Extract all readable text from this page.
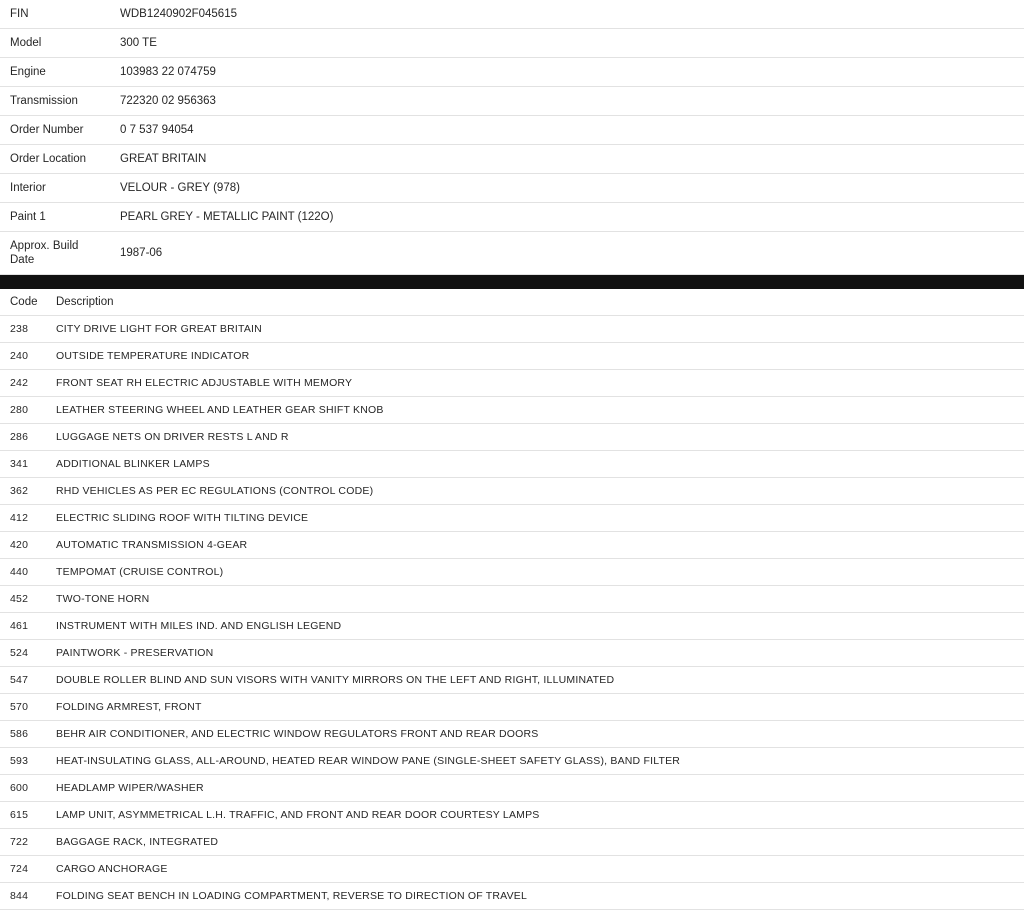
FIN	WDB1240902F045615
Model	300 TE
Engine	103983 22 074759
Transmission	722320 02 956363
Order Number	0 7 537 94054
Order Location	GREAT BRITAIN
Interior	VELOUR - GREY (978)
Paint 1	PEARL GREY - METALLIC PAINT (122O)
Approx. Build Date	1987-06
Code	Description
238	CITY DRIVE LIGHT FOR GREAT BRITAIN
240	OUTSIDE TEMPERATURE INDICATOR
242	FRONT SEAT RH ELECTRIC ADJUSTABLE WITH MEMORY
280	LEATHER STEERING WHEEL AND LEATHER GEAR SHIFT KNOB
286	LUGGAGE NETS ON DRIVER RESTS L AND R
341	ADDITIONAL BLINKER LAMPS
362	RHD VEHICLES AS PER EC REGULATIONS (CONTROL CODE)
412	ELECTRIC SLIDING ROOF WITH TILTING DEVICE
420	AUTOMATIC TRANSMISSION 4-GEAR
440	TEMPOMAT (CRUISE CONTROL)
452	TWO-TONE HORN
461	INSTRUMENT WITH MILES IND. AND ENGLISH LEGEND
524	PAINTWORK - PRESERVATION
547	DOUBLE ROLLER BLIND AND SUN VISORS WITH VANITY MIRRORS ON THE LEFT AND RIGHT, ILLUMINATED
570	FOLDING ARMREST, FRONT
586	BEHR AIR CONDITIONER, AND ELECTRIC WINDOW REGULATORS FRONT AND REAR DOORS
593	HEAT-INSULATING GLASS, ALL-AROUND, HEATED REAR WINDOW PANE (SINGLE-SHEET SAFETY GLASS), BAND FILTER
600	HEADLAMP WIPER/WASHER
615	LAMP UNIT, ASYMMETRICAL L.H. TRAFFIC, AND FRONT AND REAR DOOR COURTESY LAMPS
722	BAGGAGE RACK, INTEGRATED
724	CARGO ANCHORAGE
844	FOLDING SEAT BENCH IN LOADING COMPARTMENT, REVERSE TO DIRECTION OF TRAVEL
